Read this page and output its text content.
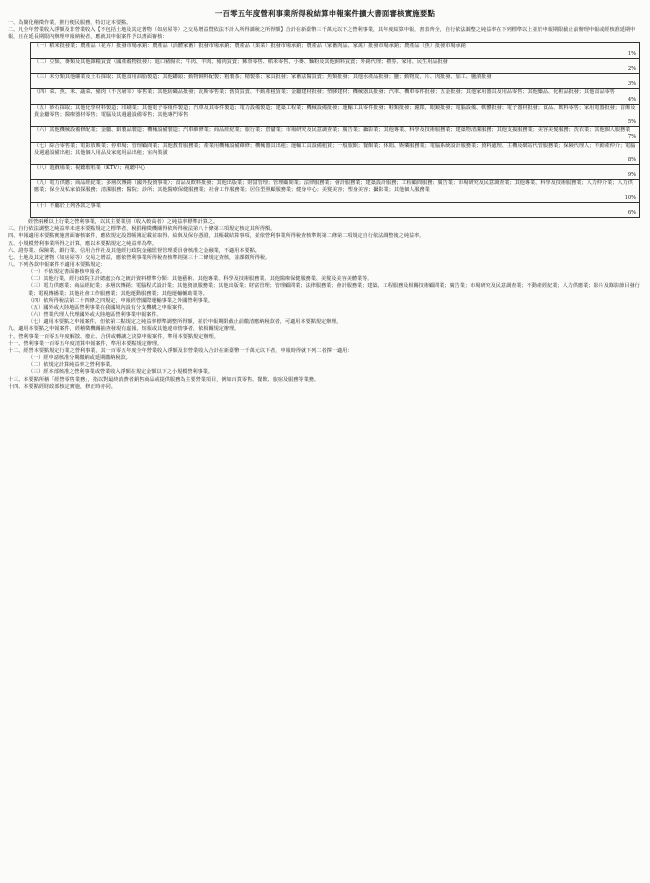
一百零五年度營利事業所得稅結算申報案件擴大書面審核實施要點
一、為簡化稽徵作業，推行便民服務，特訂定本要點。
二、凡全年營業收入淨額及非營業收入【不包括土地及其定著物（如房屋等）之交易增益暨依法不計入所得課稅之所得額】合計在新臺幣三千萬元以下之營利事業，其年度結算申報，書表齊全，自行依法調整之純益率在下列標準以上並於申報期限截止前辦理申報或經核准延期申報，且在延長期限內辦理申報納稅者，應就其申報案件予以書面審核：
（一）稻米批發業；農產品（花卉）批發市場承銷：農產品（活體家畜）批發市場承銷；農產品（果菜）批發市場承銷；農產品（家畜肉品、家禽）批發市場承銷；農產品（魚）批發市場承銷
1%
（二）豆類、麥類及其他雜糧買賣（國產穀物批發）；進口豬腸衣；牛肉、羊肉、豬肉買賣；郵票零售、稻米零售、小麥、麵粉及其他飼料買賣；外銷代理；禮券、家用、民生用品批發
2%
（三）未分類其他礦業及土石採取；其他食用油脂製造；其他罐頭；動物飼料配製；粗製茶；精製茶；家具批發；家畜法醫買賣；魚類批發；其他水產品批發；鹽；動物皮、片、肉批發、加工、鹽漬批發
3%
（四）菜、魚、米、蔬菜、豬肉（不含屠宰）零售業；其他紡織品批發；瓦斯零售業；舊貨買賣、不動產租賃業；金屬建材批發；塑膠建材；機械器具批發；汽車、機車零件批發；五金批發；其他家用器具及用品零售；其他藥品、化粧品批發；其他食品零售
4%
（五）砂石採取；其他化學材料製造；印刷業；其他電子零組件製造；汽車及其零件製造；電力設備製造；建築工程業；機械設備批發；運輸工具零件批發；鞋類批發；鐘錶、眼鏡批發；電腦設備、軟體批發；電子器材批發；食品、飲料零售；家用電器批發；首飾及貴金屬零售；醫療器材零售；電腦及其週邊設備零售；其他專門零售
5%
（六）其他機械設備修配業；金屬、鋁製品製造；機械設備製造；汽車維修業；商品經紀業；旅行業；倉儲業；市場研究及民意調查業；廣告業；攝影業；其他專業、科學及技術服務業；建築物清潔服務；其他支援服務業；美容美髮服務；洗衣業；其他個人服務業
7%
（七）綜合零售業；電影放映業；停車場；管理顧問業；其他教育服務業；產業用機械設備維修；機械器具出租；運輸工具設備租賃；一般旅館；餐館業；休閒、娛樂服務業；電腦系統設計服務業；資料處理、主機及網站代管服務業；保險代理人；不動產仲介；電腦及週邊設備出租；其他個人用品及家庭用品出租；室內裝潢
8%
（八）遊戲場業；視聽歌唱業（KTV）；視聽中心
9%
（九）電力供應；商品經紀業；多層次傳銷（國外投資事業）；食品及飲料批發；其他出版業；財富管理；管理顧問業；法律服務業；會計服務業；建築設計服務；工程顧問服務；廣告業；市場研究及民意調查業；其他專業、科學及技術服務業；人力仲介業；人力供應業；保全及私家偵探服務；清潔服務；醫院；診所；其他醫療保健服務業；社會工作服務業；居住型照顧服務業；健身中心；美髮美容；塑身美容；攝影業；其他個人服務業
10%
（十）不屬於上列各款之事業
6%
經營兩種以上行業之營利事業，以其主要業別（收入較高者）之純益率標準計算之。
三、自行依法調整之純益率未達本要點規定之標準者，稅捐稽徵機關得依所得稅法第八十條第三項規定核定其所得額。
四、申報適用本要點實施書面審核案件，應依規定設置帳簿記載並取得、給與及保存憑證，其帳載結算事項，並依營利事業所得稅查核準則第二條第二項規定自行依法調整後之純益率。
五、小規模營利事業所得之計算，應以本要點規定之純益率為準。
六、證券業、保險業、銀行業、信用合作社及其他經行政院金融監督管理委員會核准之金融業，不適用本要點。
七、土地及其定著物（如房屋等）交易之增益，應依營利事業所得稅查核準則第三十二條規定查核，並課徵所得稅。
八、下列各款申報案件不適用本要點規定：
（一）不依規定書面審核申報者。
（二）其他行業，經行政院主計總處公布之統計資料標準分類：其他藝術、其他專業、科學及技術服務業、其他醫療保健服務業、美髮及美容美體業等。
（三）電力供應業；商品經紀業；多層次傳銷；電腦程式設計業；其他資訊服務業；其他出版業；財富管理；管理顧問業；法律服務業；會計服務業；建築、工程服務及相關技術顧問業；廣告業；市場研究及民意調查業；不動產經紀業；人力供應業；影片及錄影節目發行業；電視傳播業；其他社會工作服務業；其他運動服務業；其他運輸輔助業等。
（四）依所得稅法第二十四條之四規定，申報經營國際運輸事業之外國營利事業。
（五）國外或大陸地區營利事業在我國境內設有分支機構之申報案件。
（六）營業代理人代理國外或大陸地區營利事業申報案件。
（七）適用本要點之申報案件，但依第二點規定之純益率標準調整所得額，並於申報期限截止前繳清應納稅款者，可適用本要點規定辦理。
九、適用本要點之申報案件，經稽徵機關抽查發現有虛報、短報或其他違章情事者，依相關規定辦理。
十、營利事業一百零五年度解散、廢止、合併或轉讓之決算申報案件，準用本要點規定辦理。
十一、營利事業一百零五年度清算申報案件，準用本要點規定辦理。
十二、經營本要點規定行業之營利事業，其一百零五年度全年營業收入淨額及非營業收入合計在新臺幣一千萬元以下者，申報時得就下列二者擇一適用：
（一）經申請核准分期繳納或延期繳納稅款。
（二）依規定計算純益率之營利事業。
（三）經本部核准之營利事業或營業收入淨額在規定金額以下之小規模營利事業。
十三、本要點所稱「經營零售業務」，指以對最終消費者銷售商品或提供服務為主要營業項目，例如百貨零售、餐飲、旅宿及服務等業務。
十四、本要點經財政部核定實施，修正時亦同。
